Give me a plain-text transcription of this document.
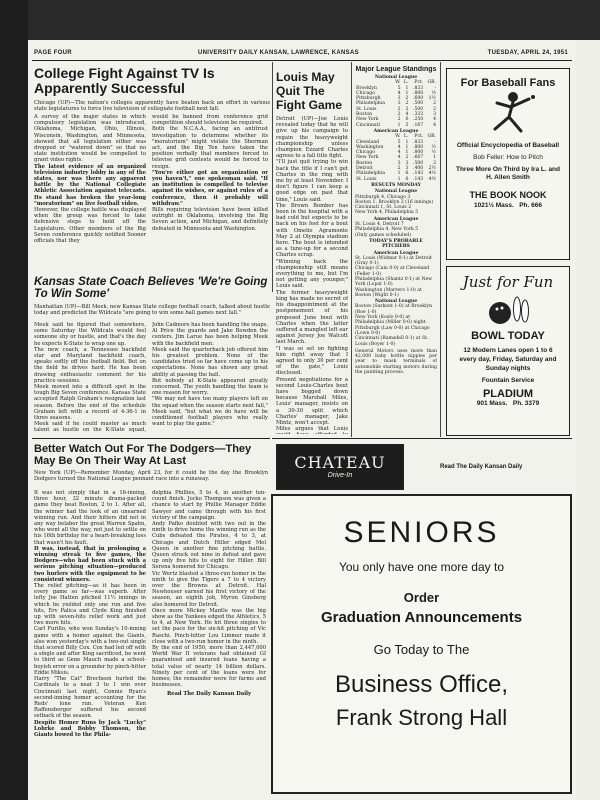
PAGE FOUR	UNIVERSITY DAILY KANSAN, LAWRENCE, KANSAS	TUESDAY, APRIL 24, 1951
College Fight Against TV Is Apparently Successful

Chicago (UP)—The nation's colleges apparently have beaten back an effort in various state legislatures to force live television of collegiate football next fall.

A survey of the major states in which compulsory legislation was introduced, Oklahoma, Michigan, Ohio, Illinois, Wisconsin, Washington, and Minnesota, showed that all legislation either was dropped or "watered down" so that no state institution would be compelled to grant video rights.

The latest evidence of an organized television industry lobby in any of the states, nor was there any apparent battle by the National Collegiate Athletic Association against telecasts. Its stand has broken the year-long "moratorium" on live football video.

However, the college battle was displayed when the group was forced to take defensive steps to hold off the Legislature. Other members of the Big Seven conference quickly notified Sooner officials that they

would be banned from conference grid competition should television be required.

Both the N.C.A.A., facing an antitrust investigation to determine whether its "moratorium" might violate the Sherman act, and the Big Ten have taken the position verbally that members forced to televise grid contests would be forced to resign.

"You're either got an organization or you haven't," one spokesman said. "If an institution is compelled to televise against its wishes, or against rules of a conference, then it probably will withdraw."

Bills requiring television have been killed outright in Oklahoma, involving the Big Seven action, and Michigan, and definitely defeated in Minnesota and Washington.

Louis May Quit The Fight Game

Detroit (UP)—Joe Louis revealed today that he will give up his campaign to regain the heavyweight championship unless champion Ezzard Charles agrees to a fall title fight.

"I'll just quit trying to win back the title if I can't get Charles in the ring with me by at least November. I don't figure I can keep a good edge on past that time," Louis said.

The Brown Bomber has been in the hospital with a bad cold but expects to be back on his feet for a bout with Omelio Agramonte May 2 at Olympia stadium here. The bout is intended as a tune-up for a second Charles scrap.

"Winning back the championship still means everything to me, but I'm not getting any younger," Louis said.

The former heavyweight king has made no secret of his disappointment at the postponement of his proposed June bout with Charles when the latter suffered a mangled left ear against Jersey Joe Walcott last March.

"I was so set on fighting him right away that I agreed to only 30 per cent of the gate," Louis disclosed.

Present negotiations for a second Louis-Charles bout have bogged down because Marshall Miles, Louis' manager, insists on a 30-30 split which Charles' manager, Jake Mintz, won't accept.

Miles argues that Louis

Major League Standings
National League
	W.	L.	Pct.	GB.
Brooklyn	5	1	.833	-
Chicago	4	1	.800	½
Pittsburgh	3	2	.600	1½
Philadelphia	3	2	.500	2
St. Louis	2	2	.500	2
Boston	2	4	.333	3
New York	2	6	.250	4
Cincinnati	1	5	.167	4
American League
	W.	L.	Pct.	GB.
Cleveland	5	1	.833	-
Washington	4	1	.800	½
Chicago	4	1	.800	½
New York	4	2	.667	1
Boston	3	3	.500	2
Detroit	2	3	.400	2½
Philadelphia	1	6	.143	4½
St. Louis	1	6	.143	4½
RESULTS MONDAY
National League
Pittsburgh 4, Chicago 3
Boston 1, Brooklyn 2 (16 innings)
Cincinnati 1, St. Louis 2
New York 4, Philadelphia 5
American League
St. Louis 4, Detroit 7
Philadelphia 4, New York 5
(Only games scheduled)
TODAY'S PROBABLE PITCHERS
American League
St. Louis (Widmar 0-1) at Detroit (Gray 0-1)
Chicago (Cain 0-0) at Cleveland (Feller 1-0)
Philadelphia (Shantz 0-1) at New York (Lopat 1-0)
Washington (Marrero 1-0) at Boston (Wight 0-1)
National League
Boston (Surkont 1-0) at Brooklyn (Roe 1-0)
New York (Koslo 0-0) at Philadelphia (Miller 0-0) night.
Pittsburgh (Law 0-0) at Chicago (Lown 0-0)
Cincinnati (Ramsdell 0-1) at St. Louis (Boyer 1-0)
General Motors uses more than 42,000 baby bottle nipples per year to mask terminals of automobile starting motors during the painting process.
For Baseball Fans
Official Encyclopedia of Baseball
Bob Feller: How to Pitch
Three More On Third by Ira L. and H. Allen Smith
THE BOOK NOOK
1021½ Mass. Ph. 666
Just for Fun
BOWL TODAY
12 Modern Lanes open 1 to 6 every day, Friday, Saturday and Sunday nights
Fountain Service
PLADIUM
901 Mass. Ph. 3379
Kansas State Coach Believes 'We're Going To Win Some'

Manhattan (UP)—Bill Meek, new Kansas State college football coach, talked about hustle today and predicted the Wildcats "are going to win some ball games next fall."

Meek said he figured that somewhere, some Saturday the Wildcats would feel someone shy or hustle, and that's the day he expects K-State to wrap one up.

The new coach, a Tennessee backfield star and Maryland backfield coach, speaks softly off the football field. But on the field he drives hard. He has been drawing enthusiastic comment for his practice sessions.

Meek moved into a difficult spot in the tough Big Seven conference. Kansas State accepted Ralph Graham's resignation last season. Before the end of the schedule Graham left with a record of 4-36-1 in three seasons.

Meek said if he could muster as much talent as hustle on the K-State squad,

John Cadmore has been handling the snaps. Al Price the guards and Jake Bowden the centers. Jim Larue has been helping Meek with the backfield men.

Meek said the quarterback job offered him his greatest problem. None of the candidates tried so far have come up to his expectations. None has shown any great ability at passing the ball.

But nobody at K-State appeared greatly concerned. The youth handling the team is one reason for worry.

"We may not have too many players left on the squad when the season starts next fall," Meek said, "but what we do have will be conditioned football players who really want to play the game."

CHATEAU
Drive-In
Read The Daily Kansan Daily
Better Watch Out For The Dodgers—They May Be On Their Way At Last

New York (UP)—Remember Monday, April 23, for it could be the day the Brooklyn Dodgers turned the National League pennant race into a runaway.

It was not simply that in a 16-inning, three hour, 32 minute drama-packed game they beat Boston, 2 to 1. After all, the winner had the look of an unearned winning run. And their hitters did not in any way belabor the great Warren Spahn, who went all the way, not just to settle on his 16th birthday for a heart-breaking loss that wasn't his fault.

It was, instead, that in prolonging a winning streak to five games, the Dodgers—who had been stuck with a serious pitching situation—produced two hurlers with the equipment to be consistent winners.

The relief pitching—as it has been in every game so far—was superb. After lefty Joe Hatten pitched 11½ innings in which he yielded only one run and five hits, Erv Palica and Clyde King finished up with seven-hits relief work and just two more hits.

Carl Furillo, who won Sunday's 10-inning game with a homer against the Giants, also won yesterday's with a two-out single that scored Billy Cox. Cox had led off with a single and after King sacrificed, he went to third as Gene Mauch made a school-boyish error on a grounder by pinch-hitter Eddie Miksis.

Harry "The Cat" Brecheen hurled the Cardinals to a neat 3 to 1 win over Cincinnati last night, Connie Ryan's second-inning homer accounting for the Reds' lone run. Veteran Ken Raffensberger suffered his second setback of the season.

Despite Homer Runs by Jack "Lucky" Lohrke and Bobby Thomson, the Giants bowed to the Phila-

delphia Phillies, 5 to 4, in another ten-count finish. Jocko Thompson was given a chance to start by Phillie Manager Eddie Sawyer and came through with his first victory of the campaign.

Andy Pafko doubled with two out in the ninth to drive home the winning run as the Cubs defeated the Pirates, 4 to 3, at Chicago and Dutch Hiller edged Mel Queen in another fine pitching battle. Queen struck out nine in defeat and gave up only five hits to eight for Hiller. Bill Serena homered for Chicago.

Vic Wertz blasted a three-run homer in the ninth to give the Tigers a 7 to 4 victory over the Browns at Detroit. Hal Newhouser earned his first victory of the season, an eighth job, Myron Ginsberg also homered for Detroit.

Once more Mickey Mantle was the big show as the Yankees edged the Athletics, 5 to 4, at New York. He hit three singles to set the pace for the six-hit pitching of Vic Raschi. Pinch-hitter Lou Limmer made it close with a two-run homer in the ninth.

By the end of 1950, more than 2,447,000 World War II veterans had obtained GI guaranteed and insured loans having a total value of nearly 14 billion dollars. Ninety per cent of the loans were for homes; the remainder were for farms and businesses.

Read The Daily Kansan Daily

SENIORS
You only have one more day to
Order
Graduation Announcements
Go Today to The
Business Office,
Frank Strong Hall
